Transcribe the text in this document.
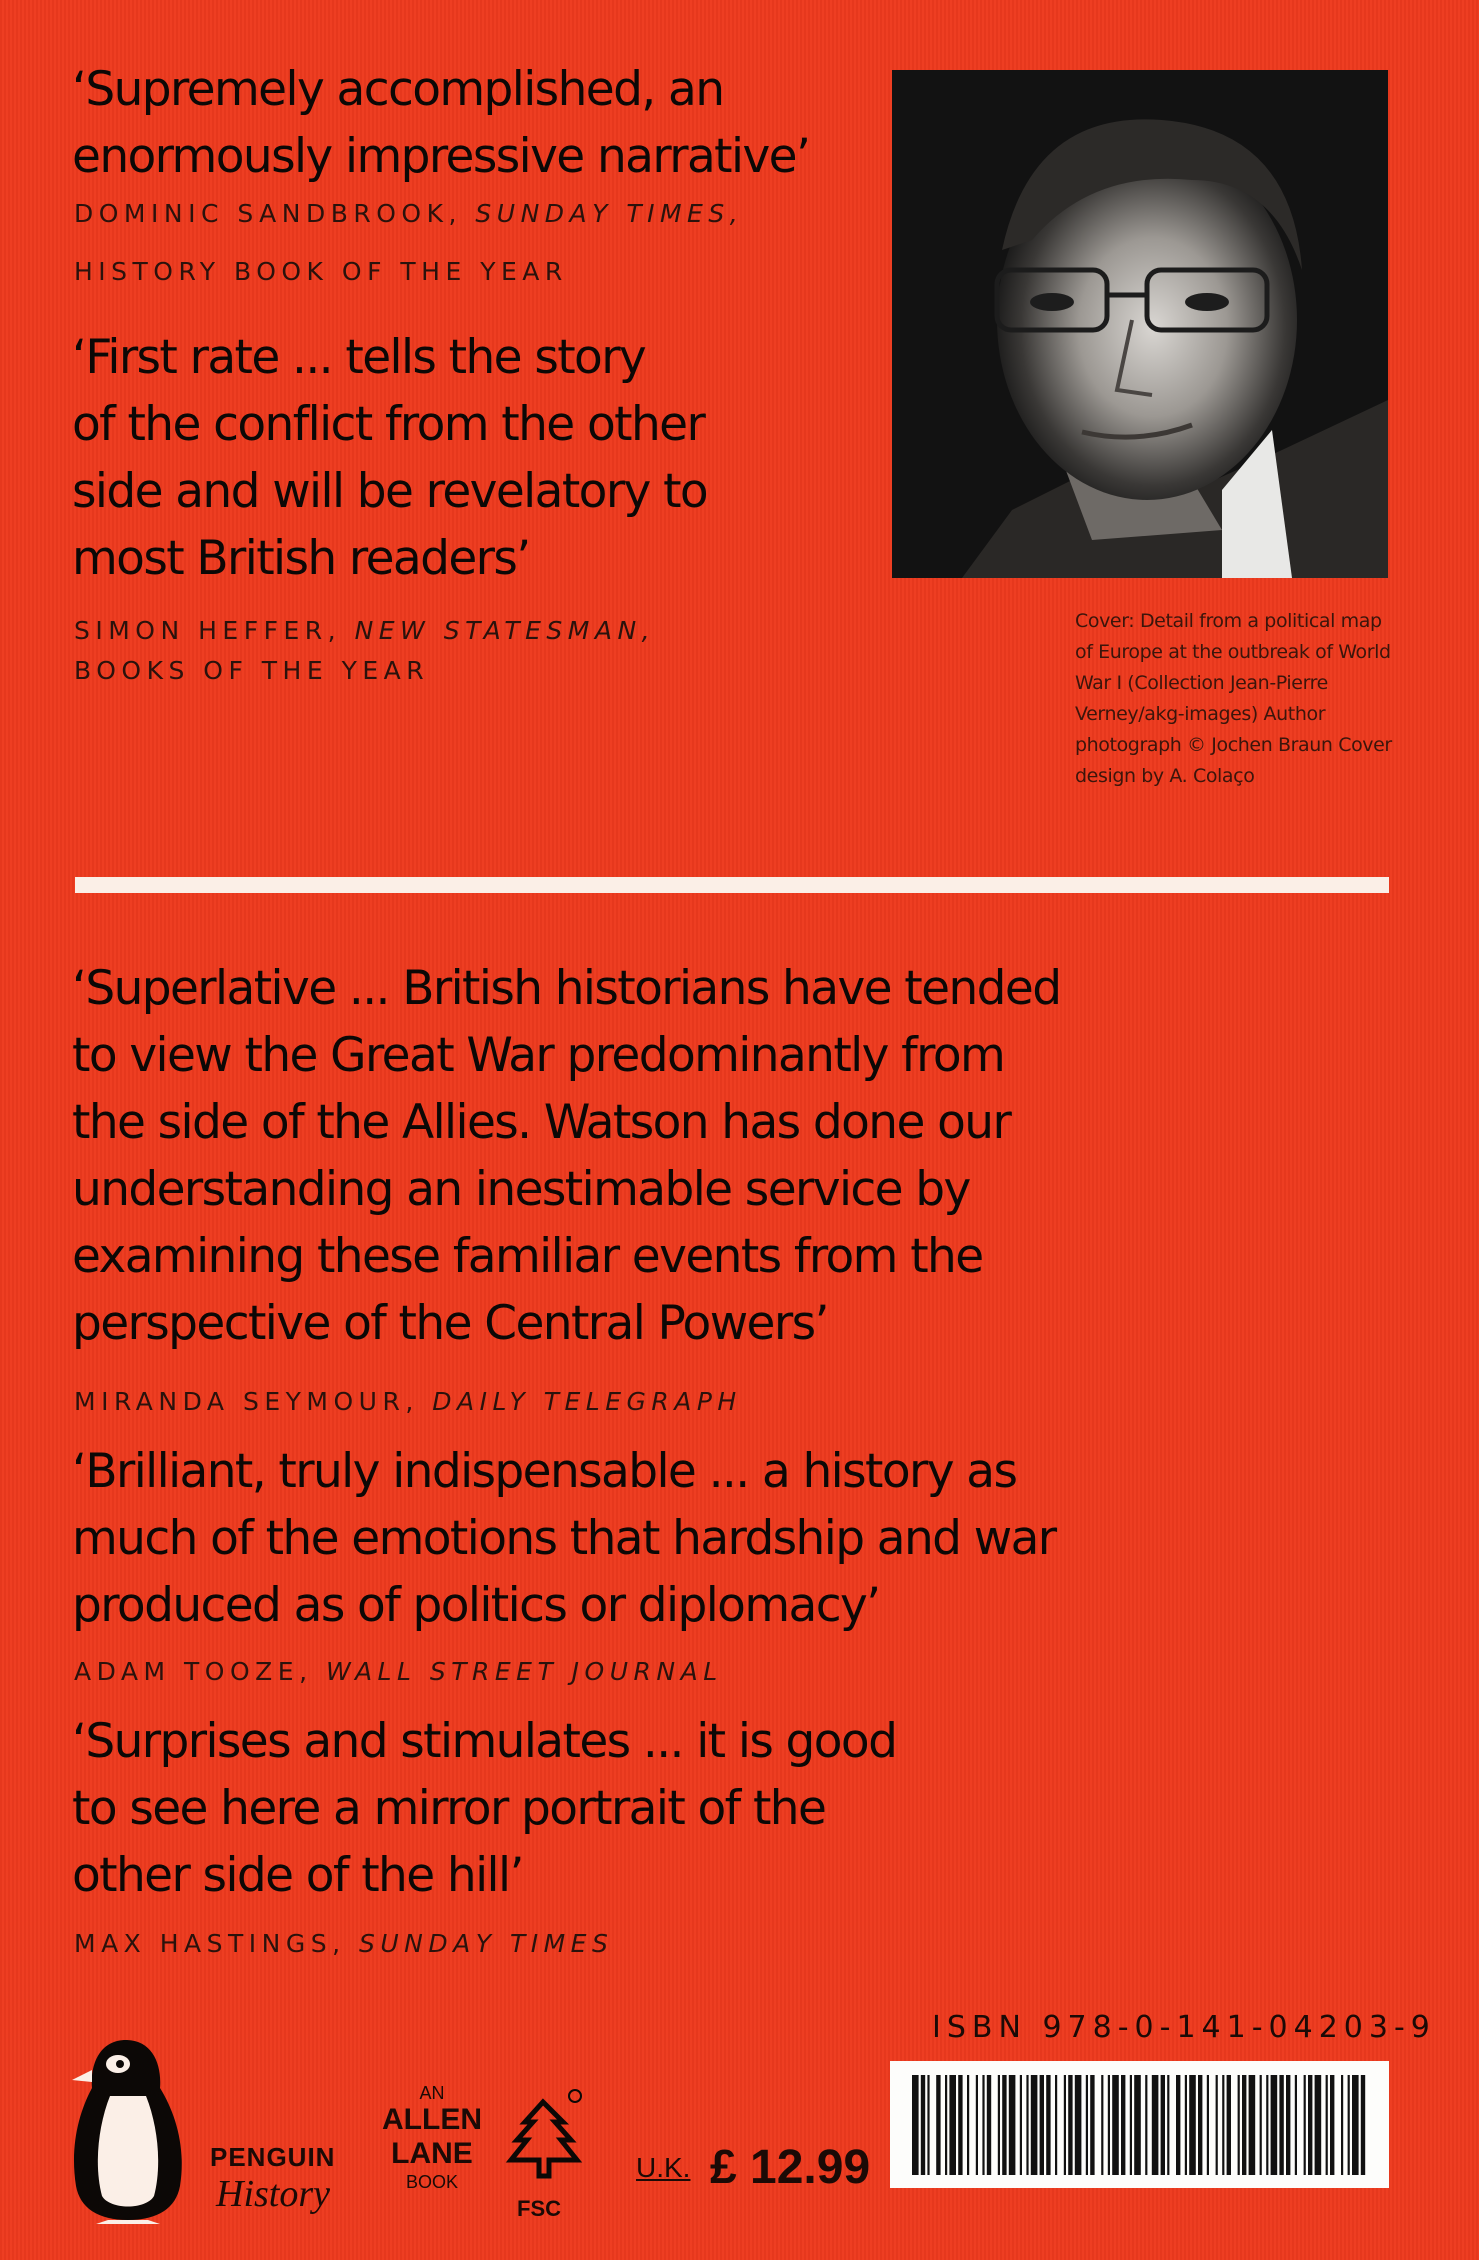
‘Supremely accomplished, an
enormously impressive narrative’
DOMINIC SANDBROOK, SUNDAY TIMES,
HISTORY BOOK OF THE YEAR
‘First rate ... tells the story
of the conflict from the other
side and will be revelatory to
most British readers’
SIMON HEFFER, NEW STATESMAN,
BOOKS OF THE YEAR
Cover: Detail from a political map of Europe at the outbreak of World War I (Collection Jean-Pierre Verney/akg-images) Author photograph © Jochen Braun Cover design by A. Colaço
‘Superlative ... British historians have tended
to view the Great War predominantly from
the side of the Allies. Watson has done our
understanding an inestimable service by
examining these familiar events from the
perspective of the Central Powers’
MIRANDA SEYMOUR, DAILY TELEGRAPH
‘Brilliant, truly indispensable ... a history as
much of the emotions that hardship and war
produced as of politics or diplomacy’
ADAM TOOZE, WALL STREET JOURNAL
‘Surprises and stimulates ... it is good
to see here a mirror portrait of the
other side of the hill’
MAX HASTINGS, SUNDAY TIMES
PENGUIN
History
AN
ALLEN
LANE
BOOK
FSC
U.K. £ 12.99
ISBN 978-0-141-04203-9
